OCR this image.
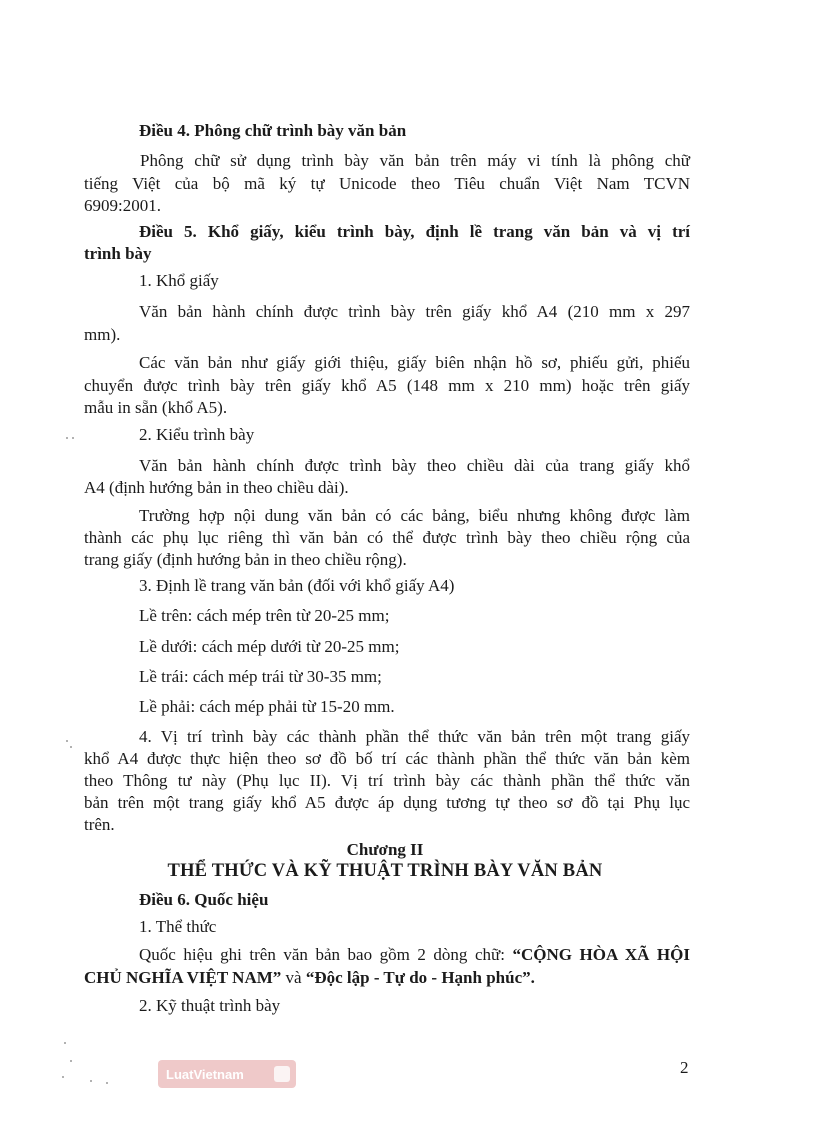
Điều 4. Phông chữ trình bày văn bản
Phông chữ sử dụng trình bày văn bản trên máy vi tính là phông chữ
tiếng Việt của bộ mã ký tự Unicode theo Tiêu chuẩn Việt Nam TCVN
6909:2001.
Điều 5. Khổ giấy, kiểu trình bày, định lề trang văn bản và vị trí
trình bày
1. Khổ giấy
Văn bản hành chính được trình bày trên giấy khổ A4 (210 mm x 297
mm).
Các văn bản như giấy giới thiệu, giấy biên nhận hồ sơ, phiếu gửi, phiếu
chuyển được trình bày trên giấy khổ A5 (148 mm x 210 mm) hoặc trên giấy
mẫu in sẵn (khổ A5).
2. Kiểu trình bày
Văn bản hành chính được trình bày theo chiều dài của trang giấy khổ
A4 (định hướng bản in theo chiều dài).
Trường hợp nội dung văn bản có các bảng, biểu nhưng không được làm
thành các phụ lục riêng thì văn bản có thể được trình bày theo chiều rộng của
trang giấy (định hướng bản in theo chiều rộng).
3. Định lề trang văn bản (đối với khổ giấy A4)
Lề trên: cách mép trên từ 20-25 mm;
Lề dưới: cách mép dưới từ 20-25 mm;
Lề trái: cách mép trái từ 30-35 mm;
Lề phải: cách mép phải từ 15-20 mm.
4. Vị trí trình bày các thành phần thể thức văn bản trên một trang giấy
khổ A4 được thực hiện theo sơ đồ bố trí các thành phần thể thức văn bản kèm
theo Thông tư này (Phụ lục II). Vị trí trình bày các thành phần thể thức văn
bản trên một trang giấy khổ A5 được áp dụng tương tự theo sơ đồ tại Phụ lục
trên.
Chương II
THỂ THỨC VÀ KỸ THUẬT TRÌNH BÀY VĂN BẢN
Điều 6. Quốc hiệu
1. Thể thức
Quốc hiệu ghi trên văn bản bao gồm 2 dòng chữ: “CỘNG HÒA XÃ HỘI
CHỦ NGHĨA VIỆT NAM” và “Độc lập - Tự do - Hạnh phúc”.
2. Kỹ thuật trình bày
LuatVietnam	2
